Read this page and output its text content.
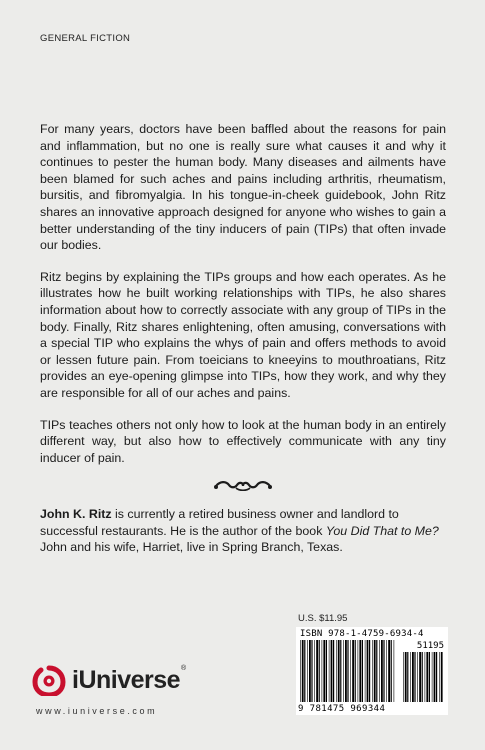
GENERAL FICTION

For many years, doctors have been baffled about the reasons for pain and inflammation, but no one is really sure what causes it and why it continues to pester the human body. Many diseases and ailments have been blamed for such aches and pains including arthritis, rheumatism, bursitis, and fibromyalgia. In his tongue-in-cheek guidebook, John Ritz shares an innovative approach designed for anyone who wishes to gain a better understanding of the tiny inducers of pain (TIPs) that often invade our bodies.

Ritz begins by explaining the TIPs groups and how each operates. As he illustrates how he built working relationships with TIPs, he also shares information about how to correctly associate with any group of TIPs in the body. Finally, Ritz shares enlightening, often amusing, conversations with a special TIP who explains the whys of pain and offers methods to avoid or lessen future pain. From toeicians to kneeyins to mouthroatians, Ritz provides an eye-opening glimpse into TIPs, how they work, and why they are responsible for all of our aches and pains.

TIPs teaches others not only how to look at the human body in an entirely different way, but also how to effectively communicate with any tiny inducer of pain.

John K. Ritz is currently a retired business owner and landlord to successful restaurants. He is the author of the book You Did That to Me? John and his wife, Harriet, live in Spring Branch, Texas.
U.S. $11.95
ISBN 978-1-4759-6934-4
51195
9 781475 969344
iUniverse ®
www.iuniverse.com
